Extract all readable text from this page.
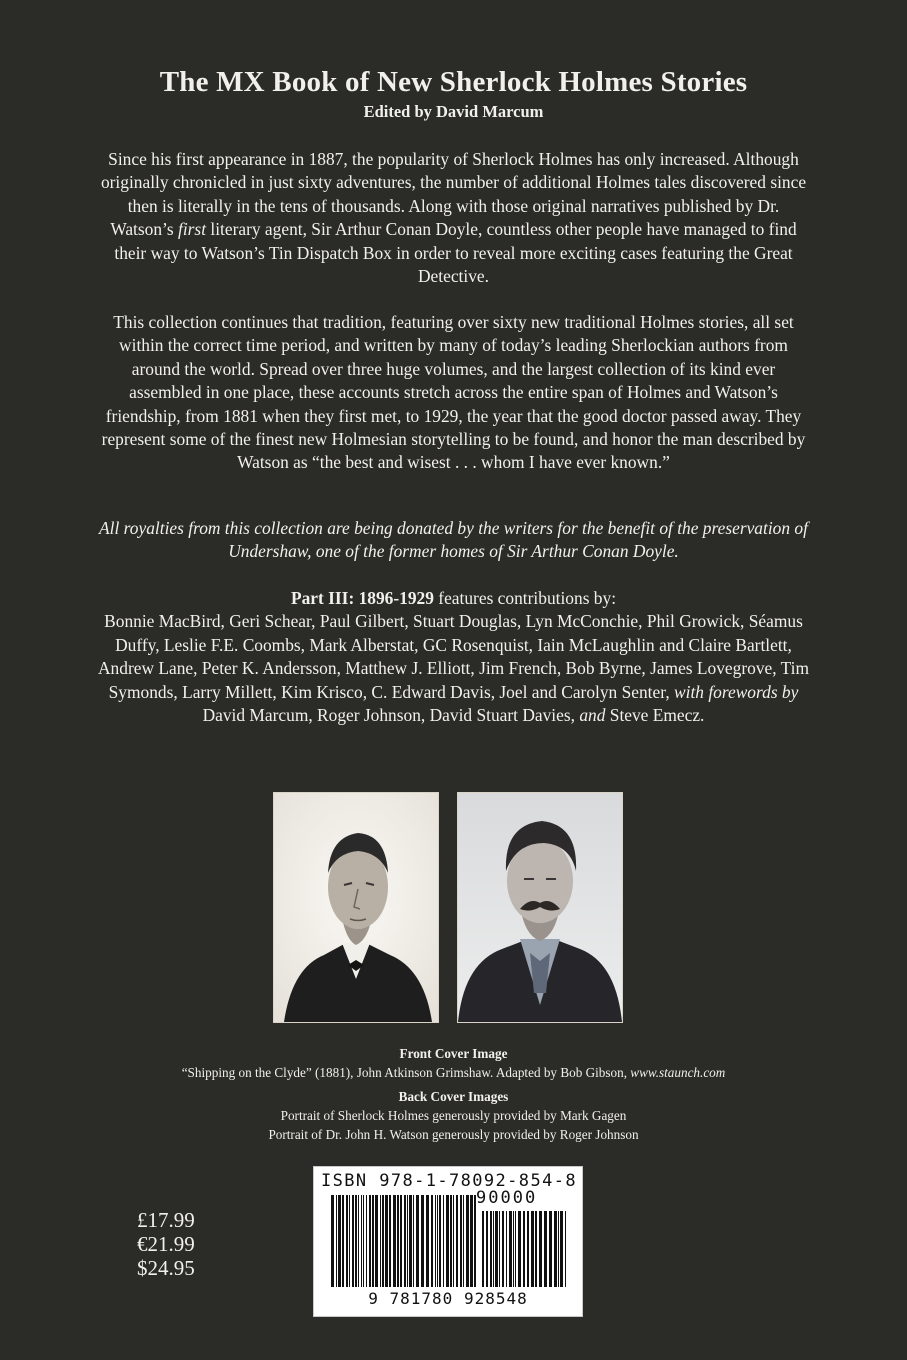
The MX Book of New Sherlock Holmes Stories
Edited by David Marcum
Since his first appearance in 1887, the popularity of Sherlock Holmes has only increased. Although originally chronicled in just sixty adventures, the number of additional Holmes tales discovered since then is literally in the tens of thousands. Along with those original narratives published by Dr. Watson’s first literary agent, Sir Arthur Conan Doyle, countless other people have managed to find their way to Watson’s Tin Dispatch Box in order to reveal more exciting cases featuring the Great Detective.
This collection continues that tradition, featuring over sixty new traditional Holmes stories, all set within the correct time period, and written by many of today’s leading Sherlockian authors from around the world. Spread over three huge volumes, and the largest collection of its kind ever assembled in one place, these accounts stretch across the entire span of Holmes and Watson’s friendship, from 1881 when they first met, to 1929, the year that the good doctor passed away. They represent some of the finest new Holmesian storytelling to be found, and honor the man described by Watson as “the best and wisest . . . whom I have ever known.”
All royalties from this collection are being donated by the writers for the benefit of the preservation of Undershaw, one of the former homes of Sir Arthur Conan Doyle.
Part III: 1896-1929 features contributions by:
Bonnie MacBird, Geri Schear, Paul Gilbert, Stuart Douglas, Lyn McConchie, Phil Growick, Séamus Duffy, Leslie F.E. Coombs, Mark Alberstat, GC Rosenquist, Iain McLaughlin and Claire Bartlett, Andrew Lane, Peter K. Andersson, Matthew J. Elliott, Jim French, Bob Byrne, James Lovegrove, Tim Symonds, Larry Millett, Kim Krisco, C. Edward Davis, Joel and Carolyn Senter, with forewords by David Marcum, Roger Johnson, David Stuart Davies, and Steve Emecz.
Front Cover Image
“Shipping on the Clyde” (1881), John Atkinson Grimshaw. Adapted by Bob Gibson, www.staunch.com
Back Cover Images
Portrait of Sherlock Holmes generously provided by Mark Gagen
Portrait of Dr. John H. Watson generously provided by Roger Johnson
£17.99
€21.99
$24.95
ISBN 978-1-78092-854-8
9 781780 928548
90000
